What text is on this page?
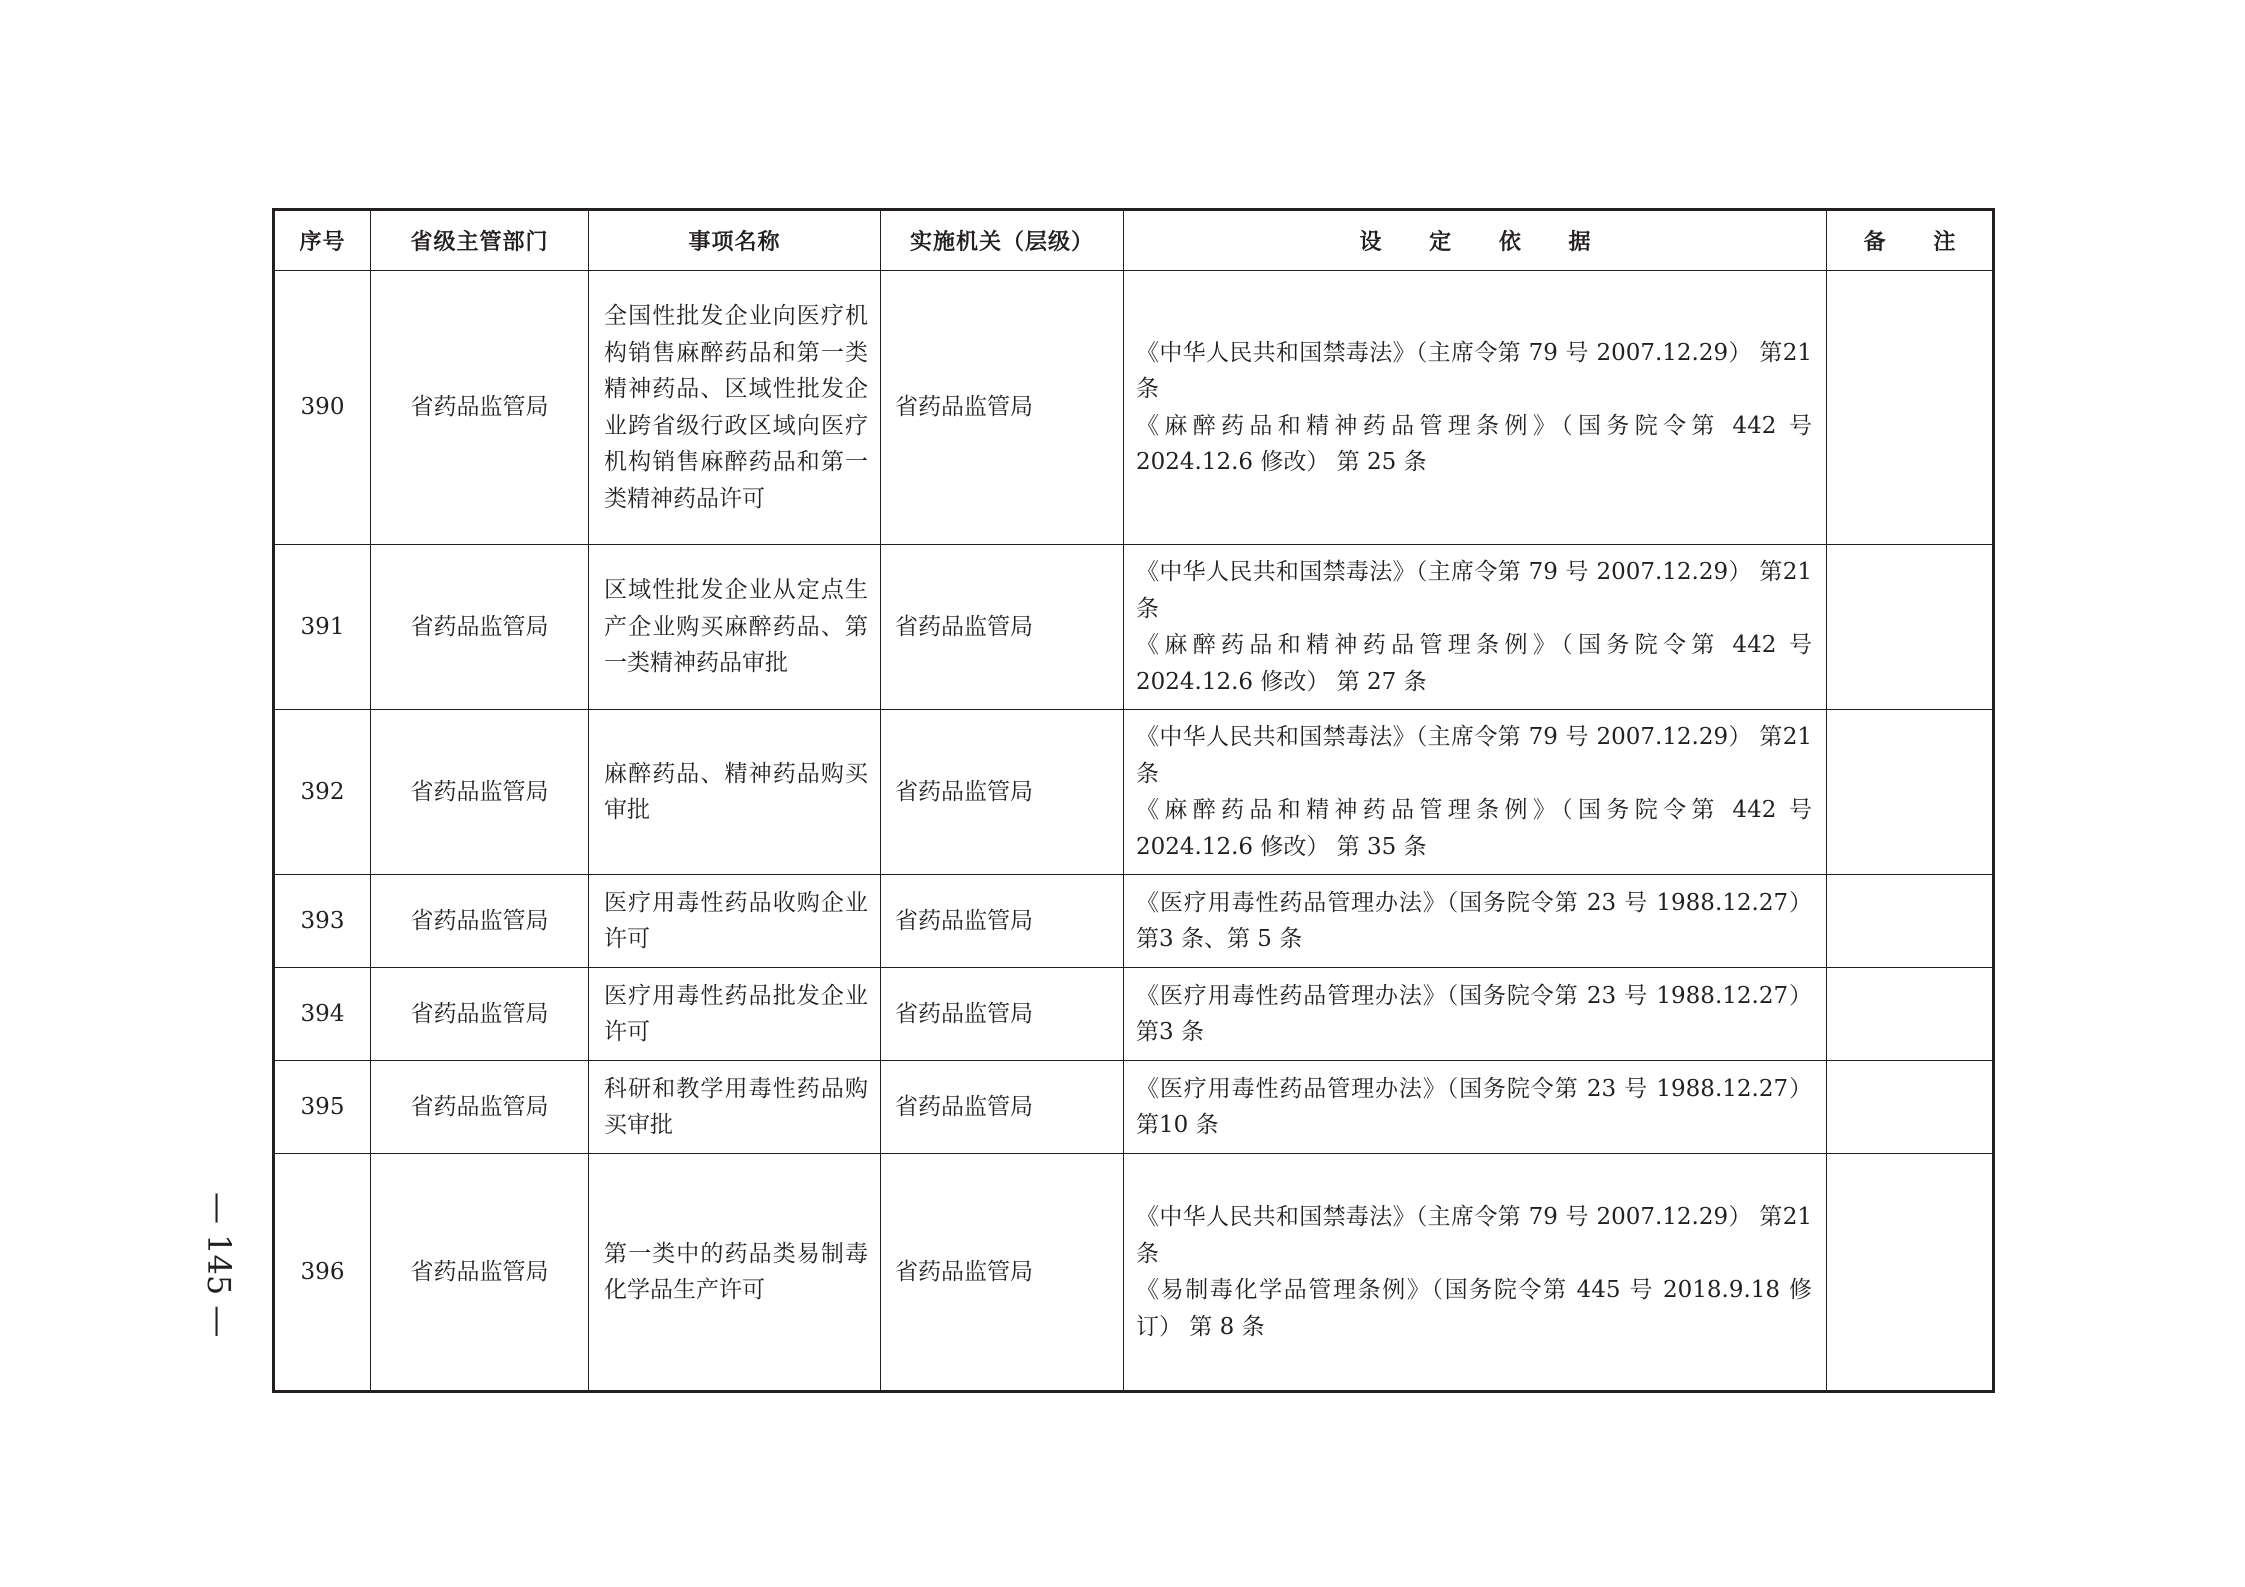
序号	省级主管部门	事项名称	实施机关（层级）	设 定 依 据	备 注
390	省药品监管局	全国性批发企业向医疗机构销售麻醉药品和第一类精神药品、区域性批发企业跨省级行政区域向医疗机构销售麻醉药品和第一类精神药品许可	省药品监管局	《中华人民共和国禁毒法》（主席令第 79 号 2007.12.29） 第21 条
《麻醉药品和精神药品管理条例》（国务院令第 442 号 2024.12.6 修改） 第 25 条	

391	省药品监管局	区域性批发企业从定点生产企业购买麻醉药品、第一类精神药品审批	省药品监管局	《中华人民共和国禁毒法》（主席令第 79 号 2007.12.29） 第21 条
《麻醉药品和精神药品管理条例》（国务院令第 442 号 2024.12.6 修改） 第 27 条	

392	省药品监管局	麻醉药品、精神药品购买审批	省药品监管局	《中华人民共和国禁毒法》（主席令第 79 号 2007.12.29） 第21 条
《麻醉药品和精神药品管理条例》（国务院令第 442 号 2024.12.6 修改） 第 35 条	

393	省药品监管局	医疗用毒性药品收购企业许可	省药品监管局	《医疗用毒性药品管理办法》（国务院令第 23 号 1988.12.27） 第3 条、第 5 条	

394	省药品监管局	医疗用毒性药品批发企业许可	省药品监管局	《医疗用毒性药品管理办法》（国务院令第 23 号 1988.12.27） 第3 条	

395	省药品监管局	科研和教学用毒性药品购买审批	省药品监管局	《医疗用毒性药品管理办法》（国务院令第 23 号 1988.12.27） 第10 条	

396	省药品监管局	第一类中的药品类易制毒化学品生产许可	省药品监管局	《中华人民共和国禁毒法》（主席令第 79 号 2007.12.29） 第21 条
《易制毒化学品管理条例》（国务院令第 445 号 2018.9.18 修订） 第 8 条	

— 145 —
